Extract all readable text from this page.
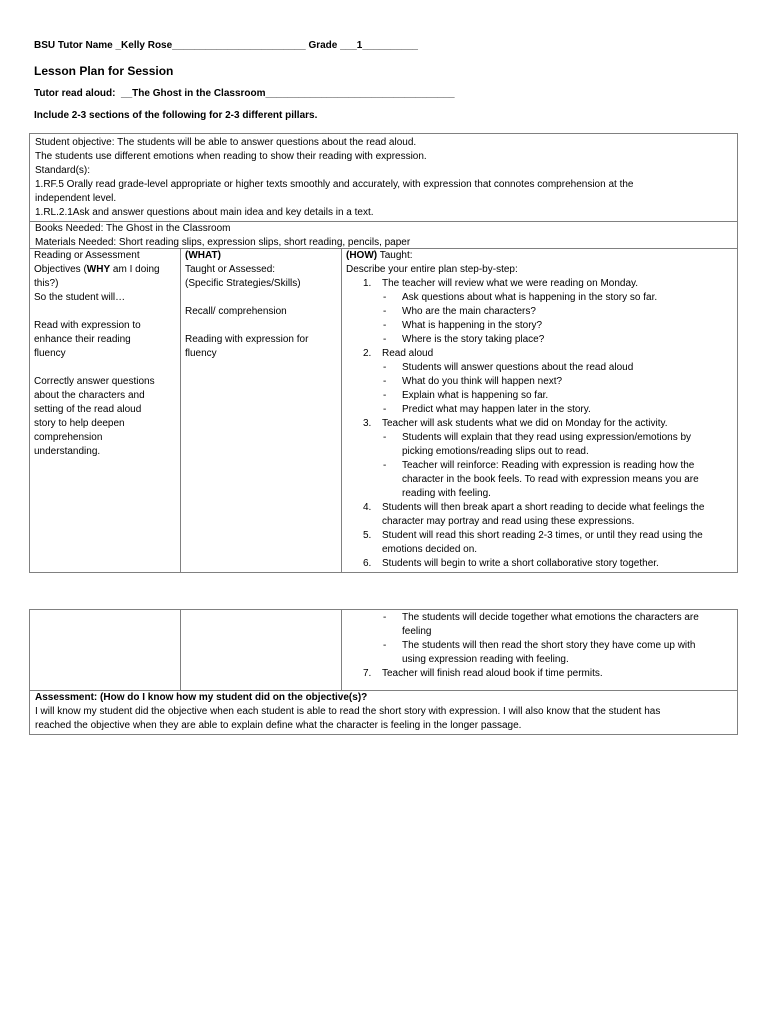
BSU Tutor Name _Kelly Rose________________________ Grade ___1__________
Lesson Plan for Session
Tutor read aloud:  __The Ghost in the Classroom__________________________________
Include 2-3 sections of the following for 2-3 different pillars.

Student objective: The students will be able to answer questions about the read aloud.

The students use different emotions when reading to show their reading with expression.

Standard(s):

1.RF.5 Orally read grade-level appropriate or higher texts smoothly and accurately, with expression that connotes comprehension at the

independent level.

1.RL.2.1Ask and answer questions about main idea and key details in a text.

Books Needed: The Ghost in the Classroom

Materials Needed: Short reading slips, expression slips, short reading, pencils, paper

Reading or Assessment

Objectives (WHY am I doing

this?)

So the student will…

Read with expression to

enhance their reading

fluency

Correctly answer questions

about the characters and

setting of the read aloud

story to help deepen

comprehension

understanding.

(WHAT)

Taught or Assessed:

(Specific Strategies/Skills)

Recall/ comprehension

Reading with expression for

fluency

(HOW) Taught:

Describe your entire plan step-by-step:

1. The teacher will review what we were reading on Monday.
- Ask questions about what is happening in the story so far.
- Who are the main characters?
- What is happening in the story?
- Where is the story taking place?
2. Read aloud
- Students will answer questions about the read aloud
- What do you think will happen next?
- Explain what is happening so far.
- Predict what may happen later in the story.
3. Teacher will ask students what we did on Monday for the activity.
- Students will explain that they read using expression/emotions by
picking emotions/reading slips out to read.
- Teacher will reinforce: Reading with expression is reading how the
character in the book feels. To read with expression means you are
reading with feeling.
4. Students will then break apart a short reading to decide what feelings the
character may portray and read using these expressions.
5. Student will read this short reading 2-3 times, or until they read using the
emotions decided on.
6. Students will begin to write a short collaborative story together.
- The students will decide together what emotions the characters are
feeling
- The students will then read the short story they have come up with
using expression reading with feeling.
7. Teacher will finish read aloud book if time permits.

Assessment: (How do I know how my student did on the objective(s)?

I will know my student did the objective when each student is able to read the short story with expression. I will also know that the student has

reached the objective when they are able to explain define what the character is feeling in the longer passage.
